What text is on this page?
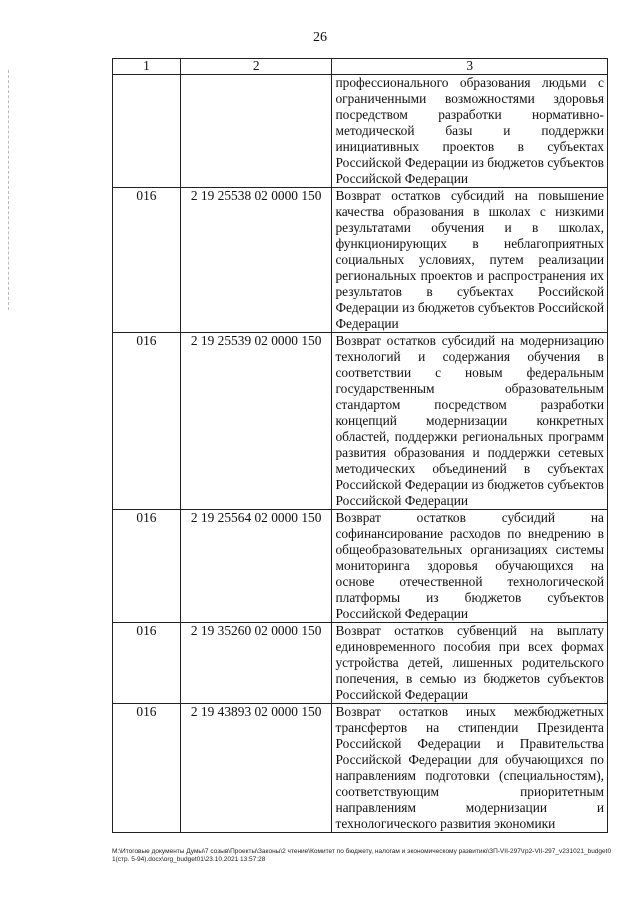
26
1	2	3
		профессионального образования людьми с ограниченными возможностями здоровья посредством разработки нормативно-методической базы и поддержки инициативных проектов в субъектах Российской Федерации из бюджетов субъектов Российской Федерации
016	2 19 25538 02 0000 150	Возврат остатков субсидий на повышение качества образования в школах с низкими результатами обучения и в школах, функционирующих в неблагоприятных социальных условиях, путем реализации региональных проектов и распространения их результатов в субъектах Российской Федерации из бюджетов субъектов Российской Федерации
016	2 19 25539 02 0000 150	Возврат остатков субсидий на модернизацию технологий и содержания обучения в соответствии с новым федеральным государственным образовательным стандартом посредством разработки концепций модернизации конкретных областей, поддержки региональных программ развития образования и поддержки сетевых методических объединений в субъектах Российской Федерации из бюджетов субъектов Российской Федерации
016	2 19 25564 02 0000 150	Возврат остатков субсидий на софинансирование расходов по внедрению в общеобразовательных организациях системы мониторинга здоровья обучающихся на основе отечественной технологической платформы из бюджетов субъектов Российской Федерации
016	2 19 35260 02 0000 150	Возврат остатков субвенций на выплату единовременного пособия при всех формах устройства детей, лишенных родительского попечения, в семью из бюджетов субъектов Российской Федерации
016	2 19 43893 02 0000 150	Возврат остатков иных межбюджетных трансфертов на стипендии Президента Российской Федерации и Правительства Российской Федерации для обучающихся по направлениям подготовки (специальностям), соответствующим приоритетным направлениям модернизации и технологического развития экономики
М:\Итоговые документы Думы\7 созыв\Проекты\Законы\2 чтение\Комитет по бюджету, налогам и экономическому развитию\ЗП-VII-297\гр2-VII-297_v231021_budget01(стр. 5-94).docx\org_budget01\23.10.2021 13:57:28
